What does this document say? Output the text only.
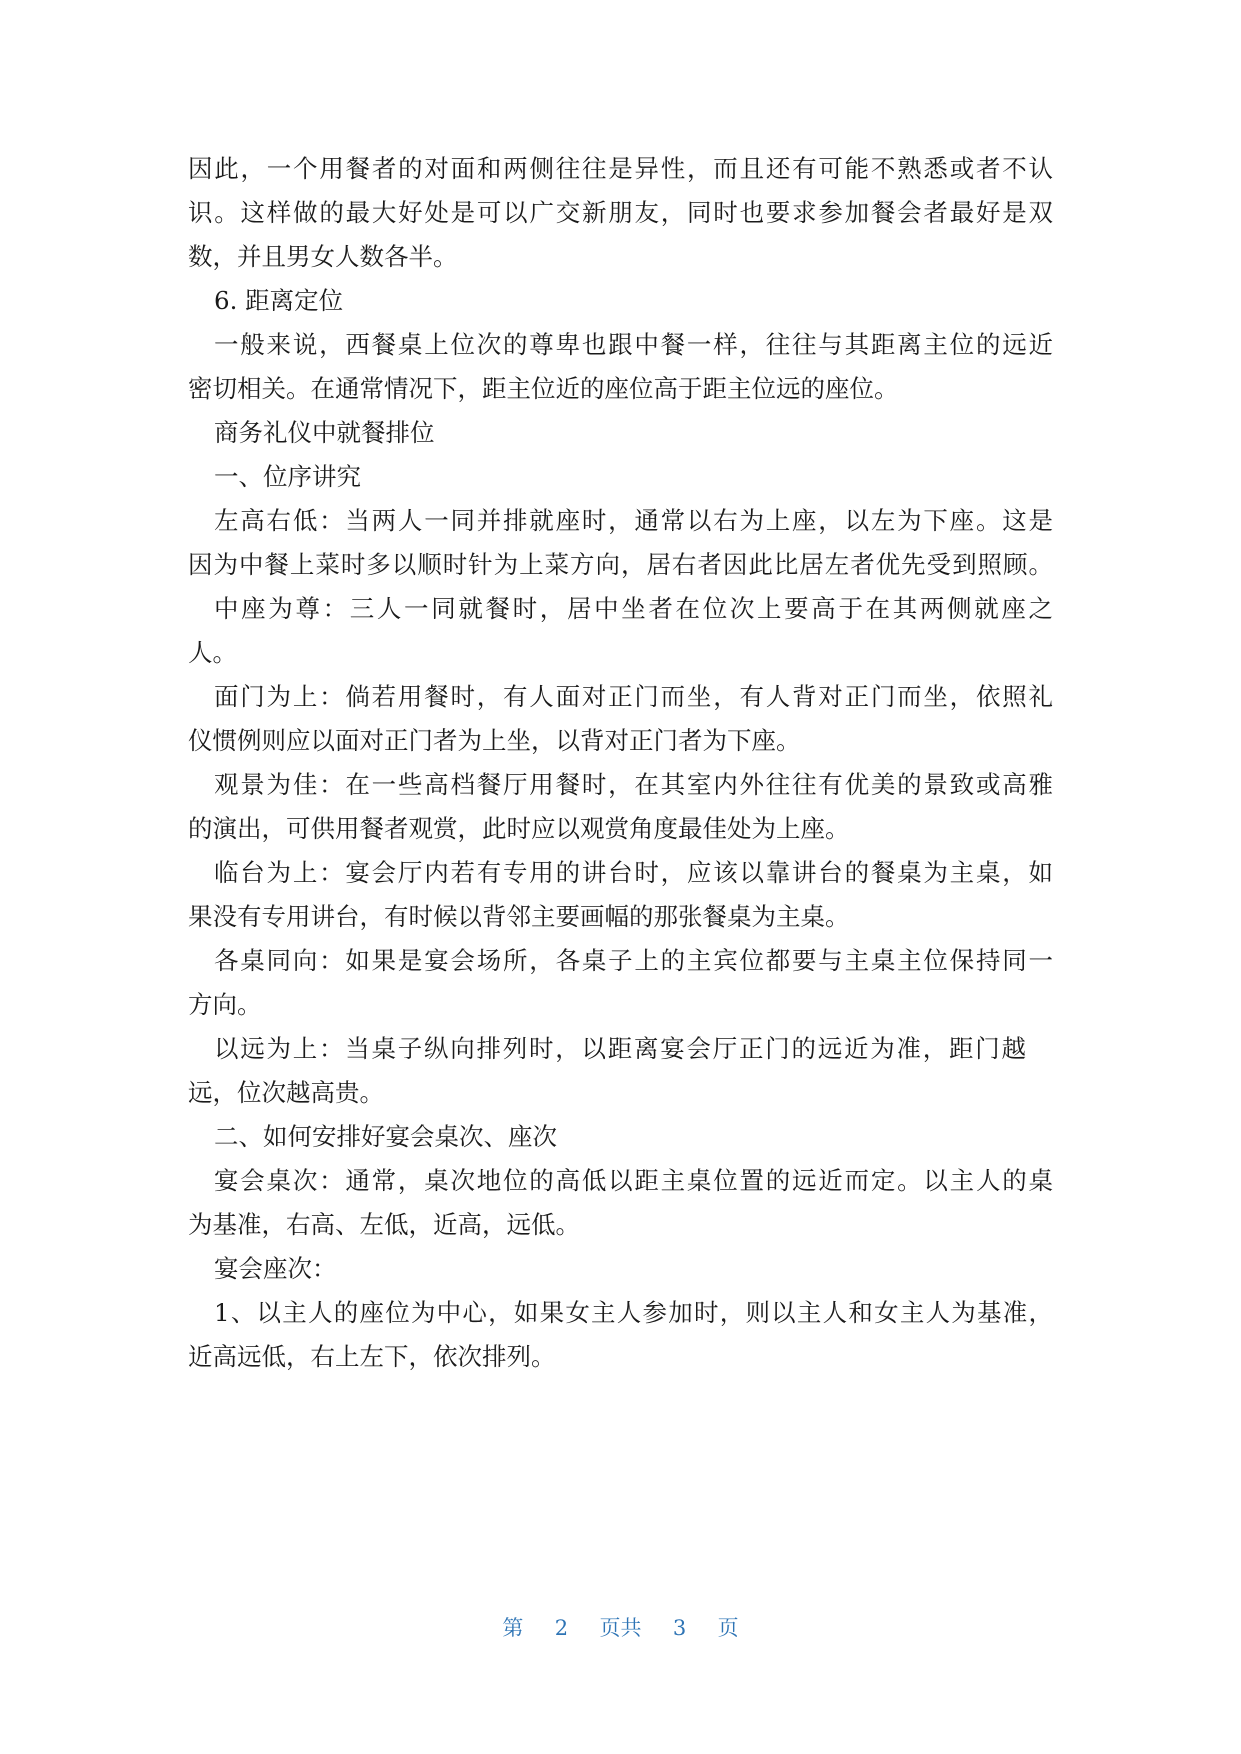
因此，一个用餐者的对面和两侧往往是异性，而且还有可能不熟悉或者不认
识。这样做的最大好处是可以广交新朋友，同时也要求参加餐会者最好是双
数，并且男女人数各半。
6. 距离定位
一般来说，西餐桌上位次的尊卑也跟中餐一样，往往与其距离主位的远近
密切相关。在通常情况下，距主位近的座位高于距主位远的座位。
商务礼仪中就餐排位
一、位序讲究
左高右低：当两人一同并排就座时，通常以右为上座，以左为下座。这是
因为中餐上菜时多以顺时针为上菜方向，居右者因此比居左者优先受到照顾。
中座为尊：三人一同就餐时，居中坐者在位次上要高于在其两侧就座之
人。
面门为上：倘若用餐时，有人面对正门而坐，有人背对正门而坐，依照礼
仪惯例则应以面对正门者为上坐，以背对正门者为下座。
观景为佳：在一些高档餐厅用餐时，在其室内外往往有优美的景致或高雅
的演出，可供用餐者观赏，此时应以观赏角度最佳处为上座。
临台为上：宴会厅内若有专用的讲台时，应该以靠讲台的餐桌为主桌，如
果没有专用讲台，有时候以背邻主要画幅的那张餐桌为主桌。
各桌同向：如果是宴会场所，各桌子上的主宾位都要与主桌主位保持同一
方向。
以远为上：当桌子纵向排列时，以距离宴会厅正门的远近为准，距门越
远，位次越高贵。
二、如何安排好宴会桌次、座次
宴会桌次：通常，桌次地位的高低以距主桌位置的远近而定。以主人的桌
为基准，右高、左低，近高，远低。
宴会座次：
1、以主人的座位为中心，如果女主人参加时，则以主人和女主人为基准，
近高远低，右上左下，依次排列。
第 2 页共 3 页
